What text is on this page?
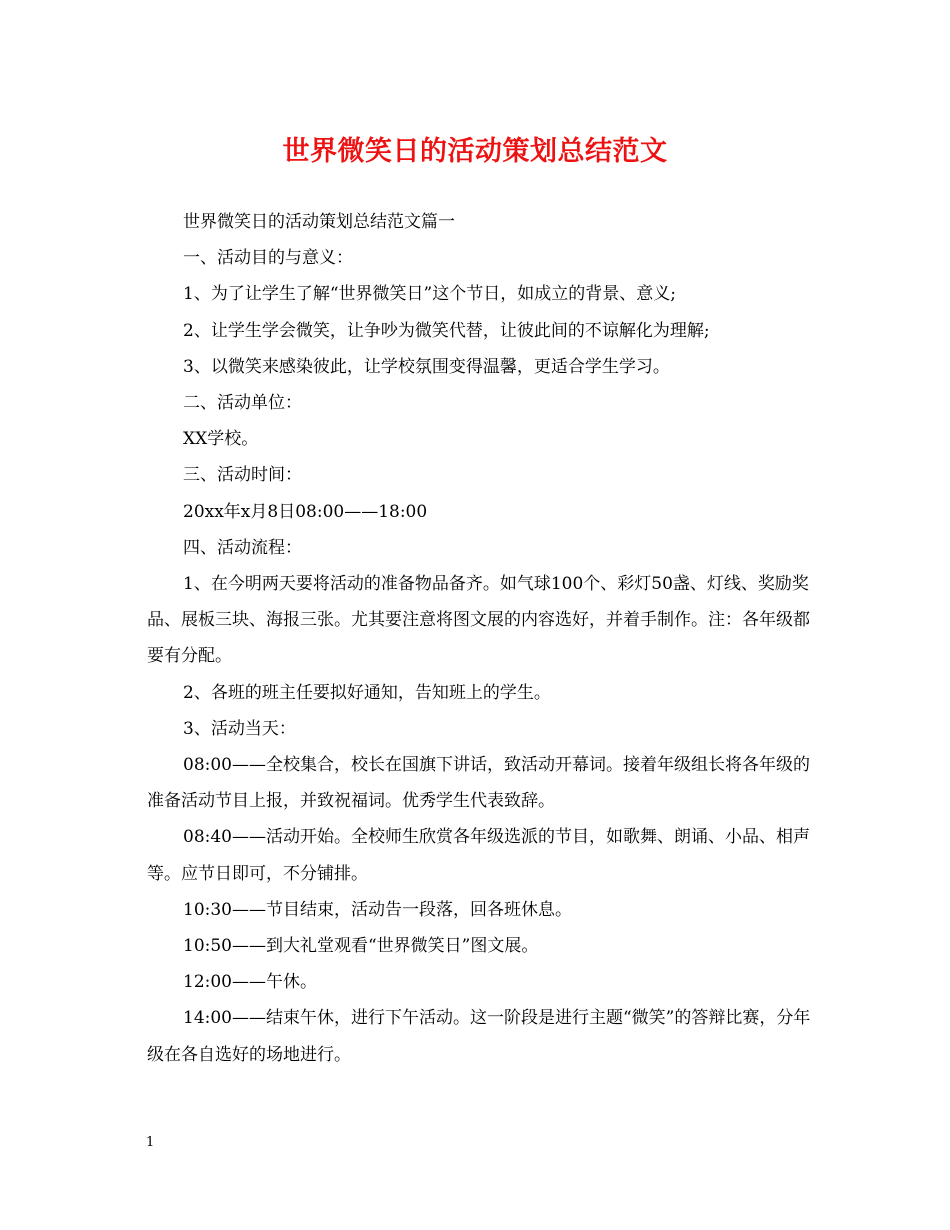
世界微笑日的活动策划总结范文

世界微笑日的活动策划总结范文篇一

一、活动目的与意义：

1、为了让学生了解“世界微笑日”这个节日，如成立的背景、意义;

2、让学生学会微笑，让争吵为微笑代替，让彼此间的不谅解化为理解;

3、以微笑来感染彼此，让学校氛围变得温馨，更适合学生学习。

二、活动单位：

XX学校。

三、活动时间：

20xx年x月8日08:00——18:00

四、活动流程：

1、在今明两天要将活动的准备物品备齐。如气球100个、彩灯50盏、灯线、奖励奖品、展板三块、海报三张。尤其要注意将图文展的内容选好，并着手制作。注：各年级都要有分配。

2、各班的班主任要拟好通知，告知班上的学生。

3、活动当天：

08:00——全校集合，校长在国旗下讲话，致活动开幕词。接着年级组长将各年级的准备活动节目上报，并致祝福词。优秀学生代表致辞。

08:40——活动开始。全校师生欣赏各年级选派的节目，如歌舞、朗诵、小品、相声等。应节日即可，不分铺排。

10:30——节目结束，活动告一段落，回各班休息。

10:50——到大礼堂观看“世界微笑日”图文展。

12:00——午休。

14:00——结束午休，进行下午活动。这一阶段是进行主题“微笑”的答辩比赛，分年级在各自选好的场地进行。

1
